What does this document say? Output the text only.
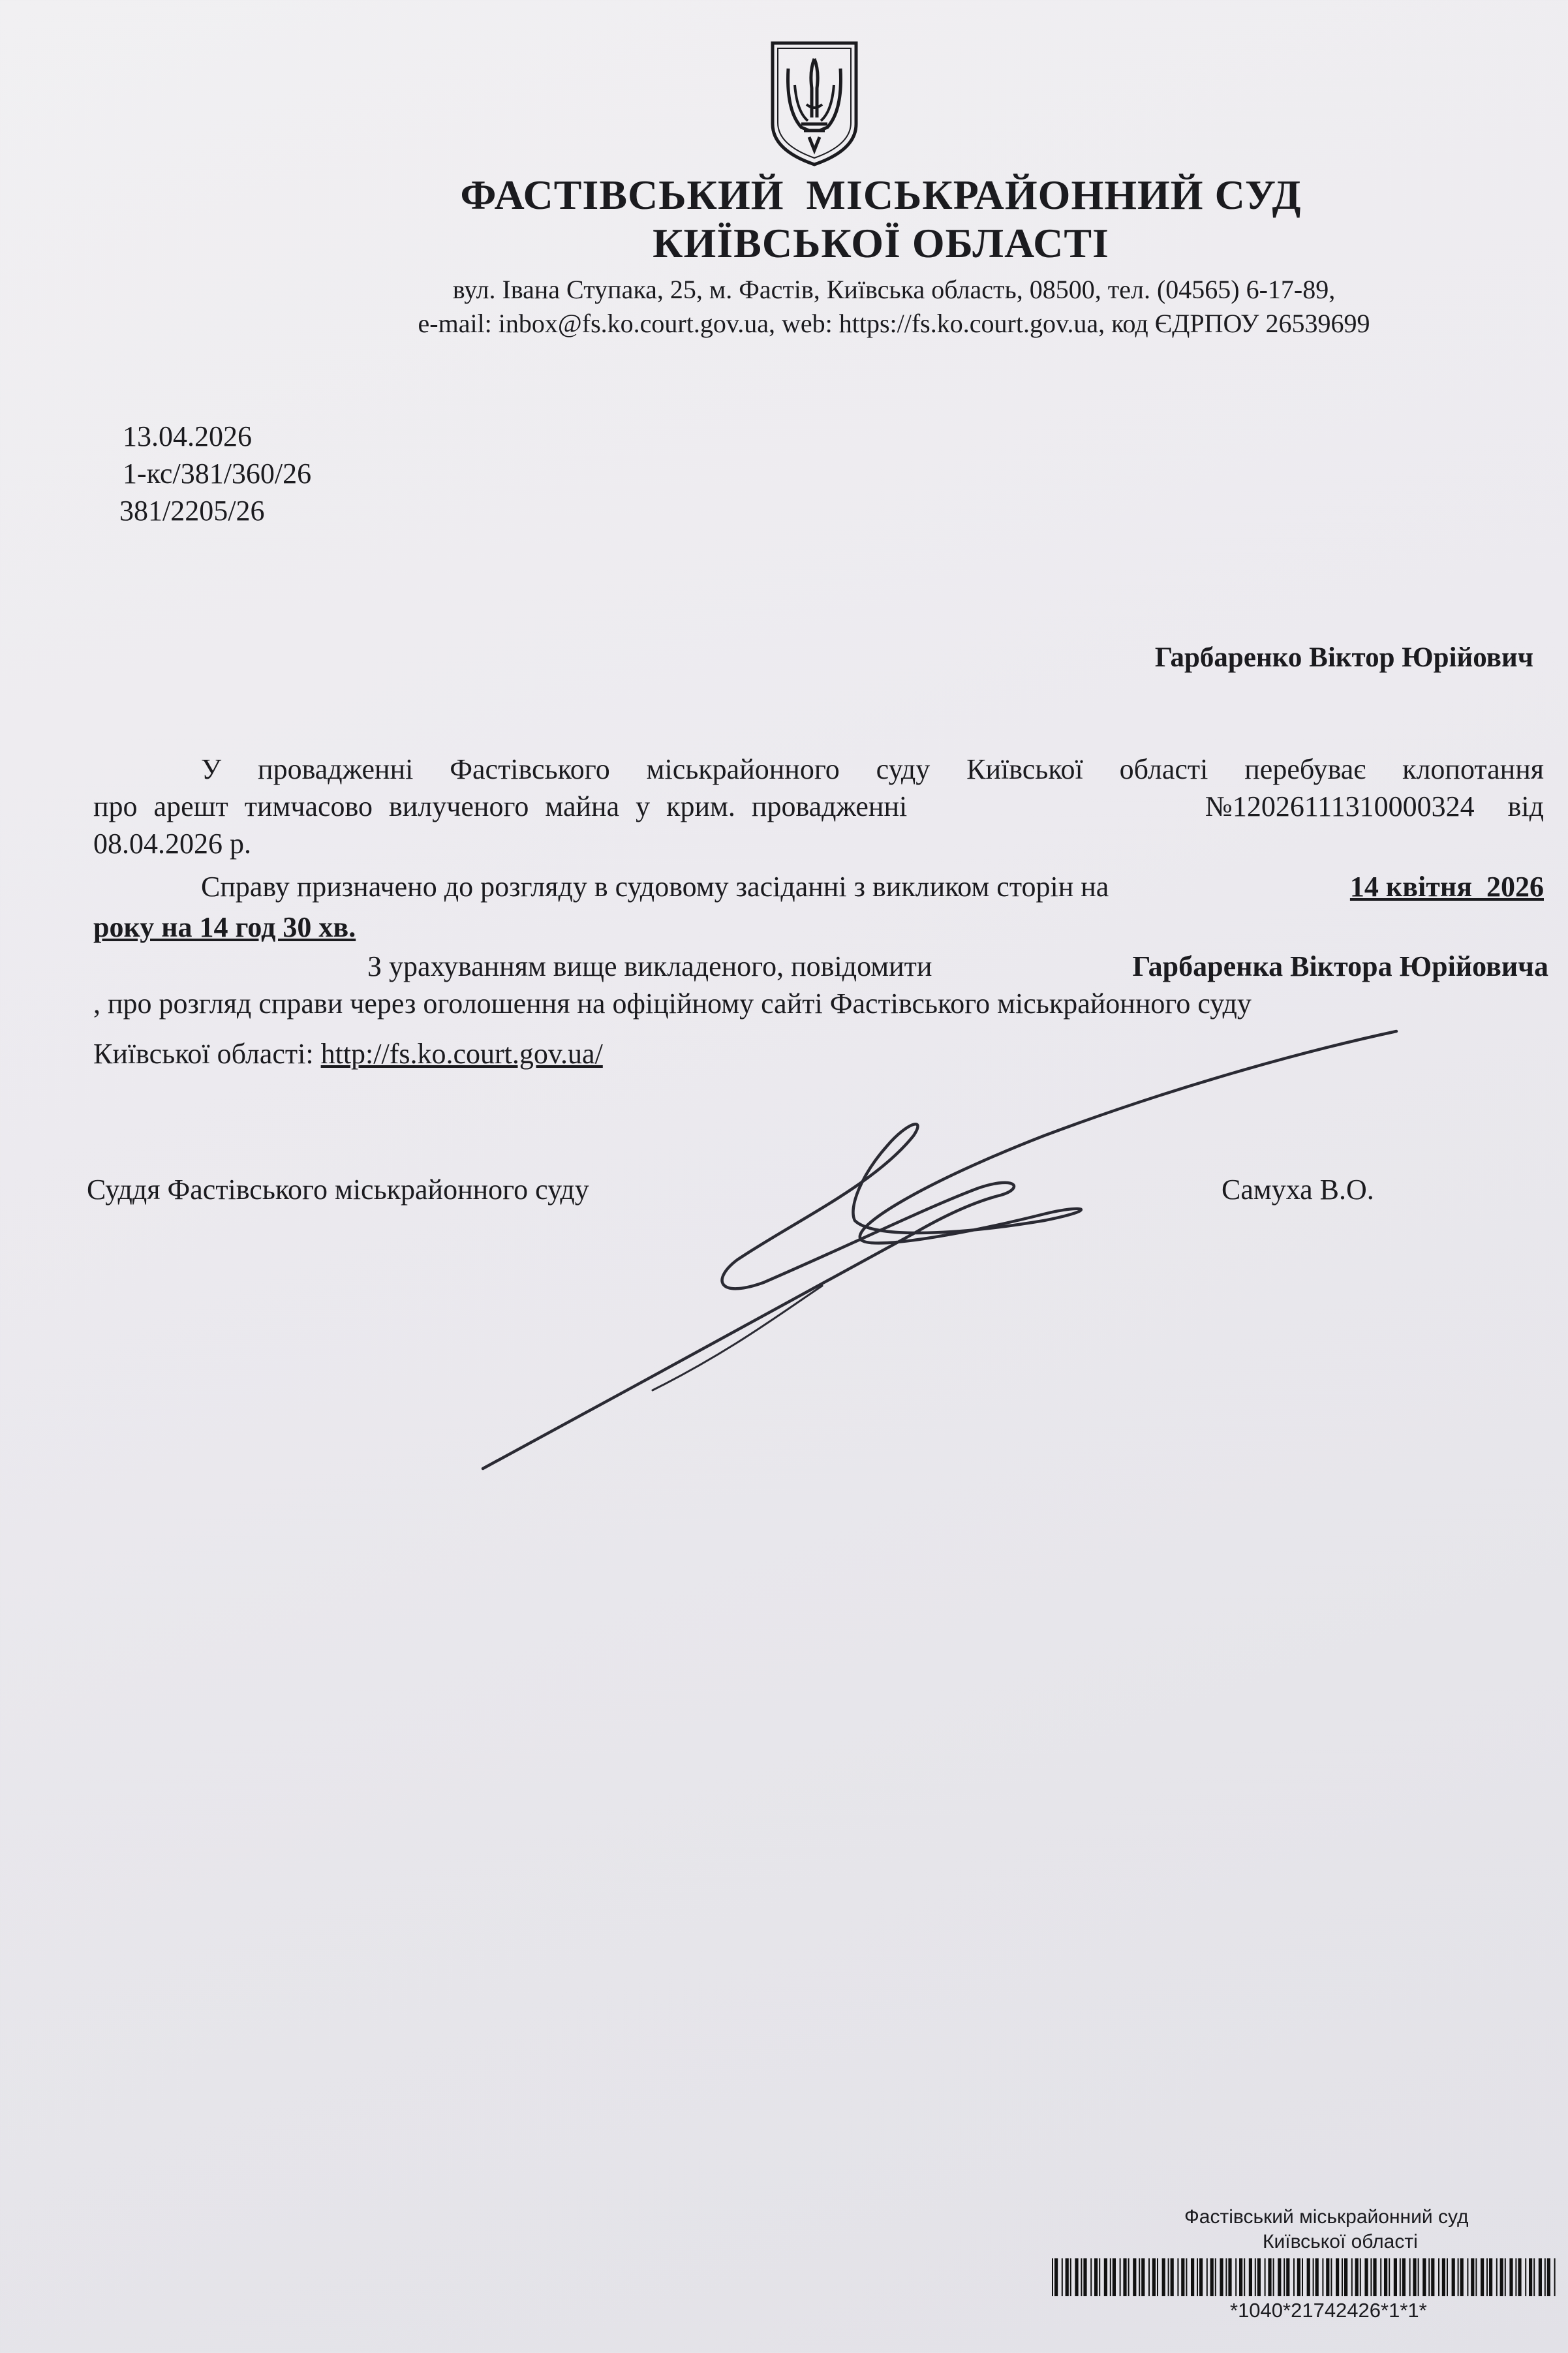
ФАСТІВСЬКИЙ  МІСЬКРАЙОННИЙ СУД
КИЇВСЬКОЇ ОБЛАСТІ
вул. Івана Ступака, 25, м. Фастів, Київська область, 08500, тел. (04565) 6-17-89,
e-mail: inbox@fs.ko.court.gov.ua, web: https://fs.ko.court.gov.ua, код ЄДРПОУ 26539699
13.04.2026
1-кс/381/360/26
381/2205/26
Гарбаренко Віктор Юрійович
У провадженні Фастівського міськрайонного суду Київської області перебуває клопотання
про арешт тимчасово вилученого майна у крим. провадженні	№12026111310000324 від
08.04.2026 р.
Справу призначено до розгляду в судовому засіданні з викликом сторін на	14 квітня  2026
року на 14 год 30 хв.
З урахуванням вище викладеного, повідомити	Гарбаренка Віктора Юрійовича
, про розгляд справи через оголошення на офіційному сайті Фастівського міськрайонного суду
Київської області: http://fs.ko.court.gov.ua/
Суддя Фастівського міськрайонного суду	Самуха В.О.
Фастівський міськрайонний суд
Київської області
*1040*21742426*1*1*
